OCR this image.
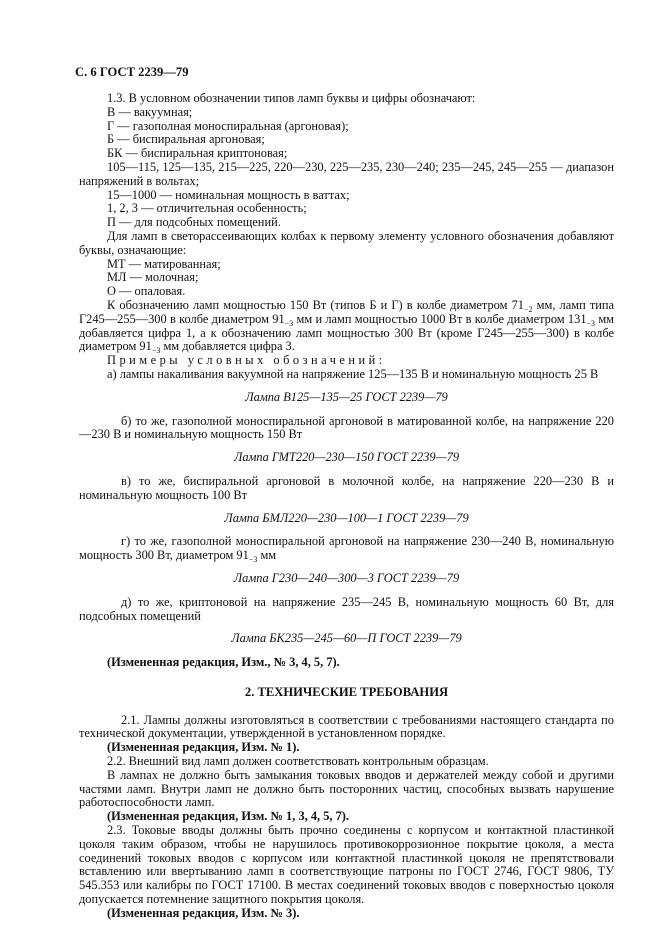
С. 6 ГОСТ 2239—79

1.3. В условном обозначении типов ламп буквы и цифры обозначают:

В — вакуумная;

Г — газополная моноспиральная (аргоновая);

Б — биспиральная аргоновая;

БК — биспиральная криптоновая;

105—115, 125—135, 215—225, 220—230, 225—235, 230—240; 235—245, 245—255 — диапазон напряжений в вольтах;

15—1000 — номинальная мощность в ваттах;

1, 2, 3 — отличительная особенность;

П — для подсобных помещений.

Для ламп в светорассеивающих колбах к первому элементу условного обозначения добавляют буквы, означающие:

МТ — матированная;

МЛ — молочная;

О — опаловая.

К обозначению ламп мощностью 150 Вт (типов Б и Г) в колбе диаметром $71_{-2}$ мм, ламп типа Г245—255—300 в колбе диаметром $91_{-3}$ мм и ламп мощностью 1000 Вт в колбе диаметром $131_{-3}$ мм добавляется цифра 1, а к обозначению ламп мощностью 300 Вт (кроме Г245—255—300) в колбе диаметром $91_{-3}$ мм добавляется цифра 3.

Примеры условных обозначений:

а) лампы накаливания вакуумной на напряжение 125—135 В и номинальную мощность 25 В

Лампа В125—135—25 ГОСТ 2239—79

б) то же, газополной моноспиральной аргоновой в матированной колбе, на напряжение 220—230 В и номинальную мощность 150 Вт

Лампа ГМТ220—230—150 ГОСТ 2239—79

в) то же, биспиральной аргоновой в молочной колбе, на напряжение 220—230 В и номинальную мощность 100 Вт

Лампа БМЛ220—230—100—1 ГОСТ 2239—79

г) то же, газополной моноспиральной аргоновой на напряжение 230—240 В, номинальную мощность 300 Вт, диаметром $91_{-3}$ мм

Лампа Г230—240—300—3 ГОСТ 2239—79

д) то же, криптоновой на напряжение 235—245 В, номинальную мощность 60 Вт, для подсобных помещений

Лампа БК235—245—60—П ГОСТ 2239—79

(Измененная редакция, Изм., № 3, 4, 5, 7).

2. ТЕХНИЧЕСКИЕ ТРЕБОВАНИЯ

2.1. Лампы должны изготовляться в соответствии с требованиями настоящего стандарта по технической документации, утвержденной в установленном порядке.

(Измененная редакция, Изм. № 1).

2.2. Внешний вид ламп должен соответствовать контрольным образцам.

В лампах не должно быть замыкания токовых вводов и держателей между собой и другими частями ламп. Внутри ламп не должно быть посторонних частиц, способных вызвать нарушение работоспособности ламп.

(Измененная редакция, Изм. № 1, 3, 4, 5, 7).

2.3. Токовые вводы должны быть прочно соединены с корпусом и контактной пластинкой цоколя таким образом, чтобы не нарушилось противокоррозионное покрытие цоколя, а места соединений токовых вводов с корпусом или контактной пластинкой цоколя не препятствовали вставлению или ввертыванию ламп в соответствующие патроны по ГОСТ 2746, ГОСТ 9806, ТУ 545.353 или калибры по ГОСТ 17100. В местах соединений токовых вводов с поверхностью цоколя допускается потемнение защитного покрытия цоколя.

(Измененная редакция, Изм. № 3).
